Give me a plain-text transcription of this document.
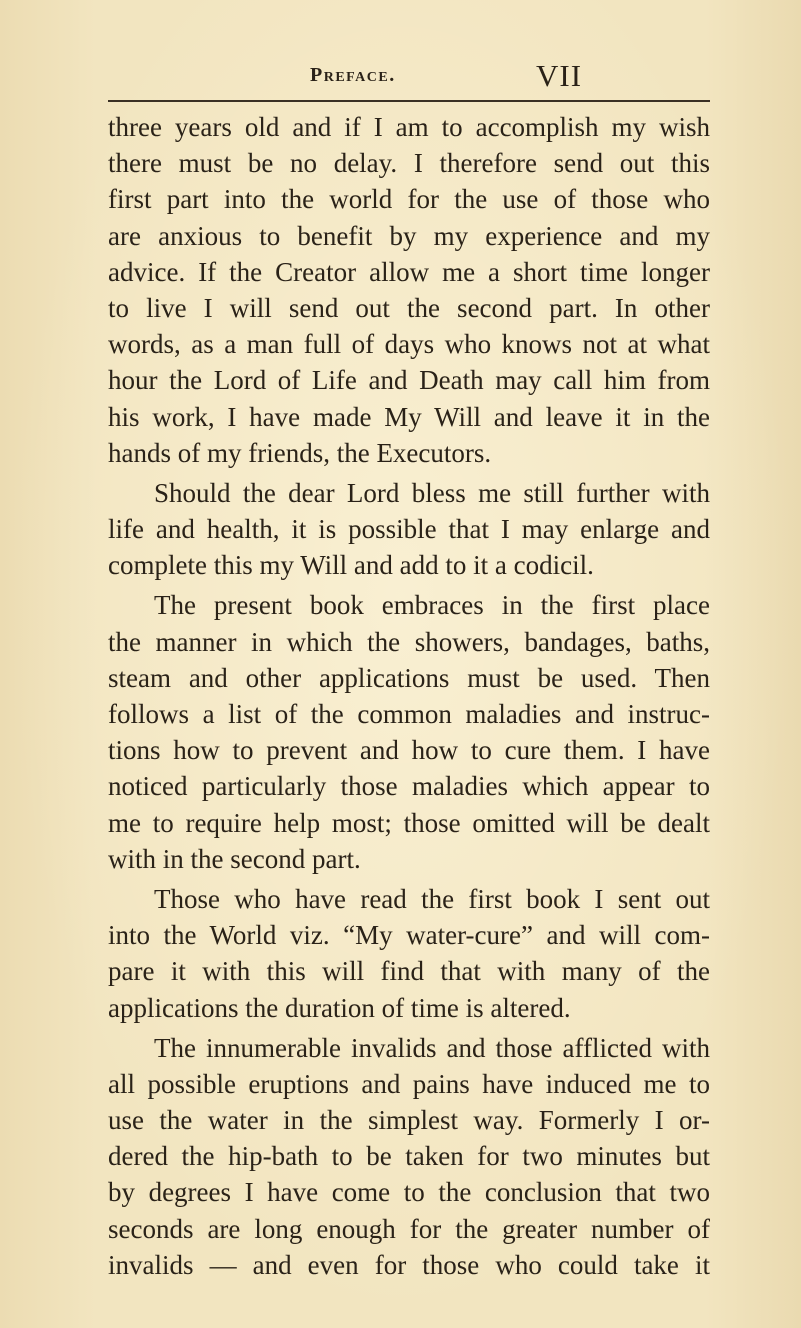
Preface.	VII
three years old and if I am to accomplish my wish
there must be no delay. I therefore send out this
first part into the world for the use of those who
are anxious to benefit by my experience and my
advice. If the Creator allow me a short time longer
to live I will send out the second part. In other
words, as a man full of days who knows not at what
hour the Lord of Life and Death may call him from
his work, I have made My Will and leave it in the
hands of my friends, the Executors.
Should the dear Lord bless me still further with
life and health, it is possible that I may enlarge and
complete this my Will and add to it a codicil.
The present book embraces in the first place
the manner in which the showers, bandages, baths,
steam and other applications must be used. Then
follows a list of the common maladies and instruc-
tions how to prevent and how to cure them. I have
noticed particularly those maladies which appear to
me to require help most; those omitted will be dealt
with in the second part.
Those who have read the first book I sent out
into the World viz. “My water-cure” and will com-
pare it with this will find that with many of the
applications the duration of time is altered.
The innumerable invalids and those afflicted with
all possible eruptions and pains have induced me to
use the water in the simplest way. Formerly I or-
dered the hip-bath to be taken for two minutes but
by degrees I have come to the conclusion that two
seconds are long enough for the greater number of
invalids — and even for those who could take it
